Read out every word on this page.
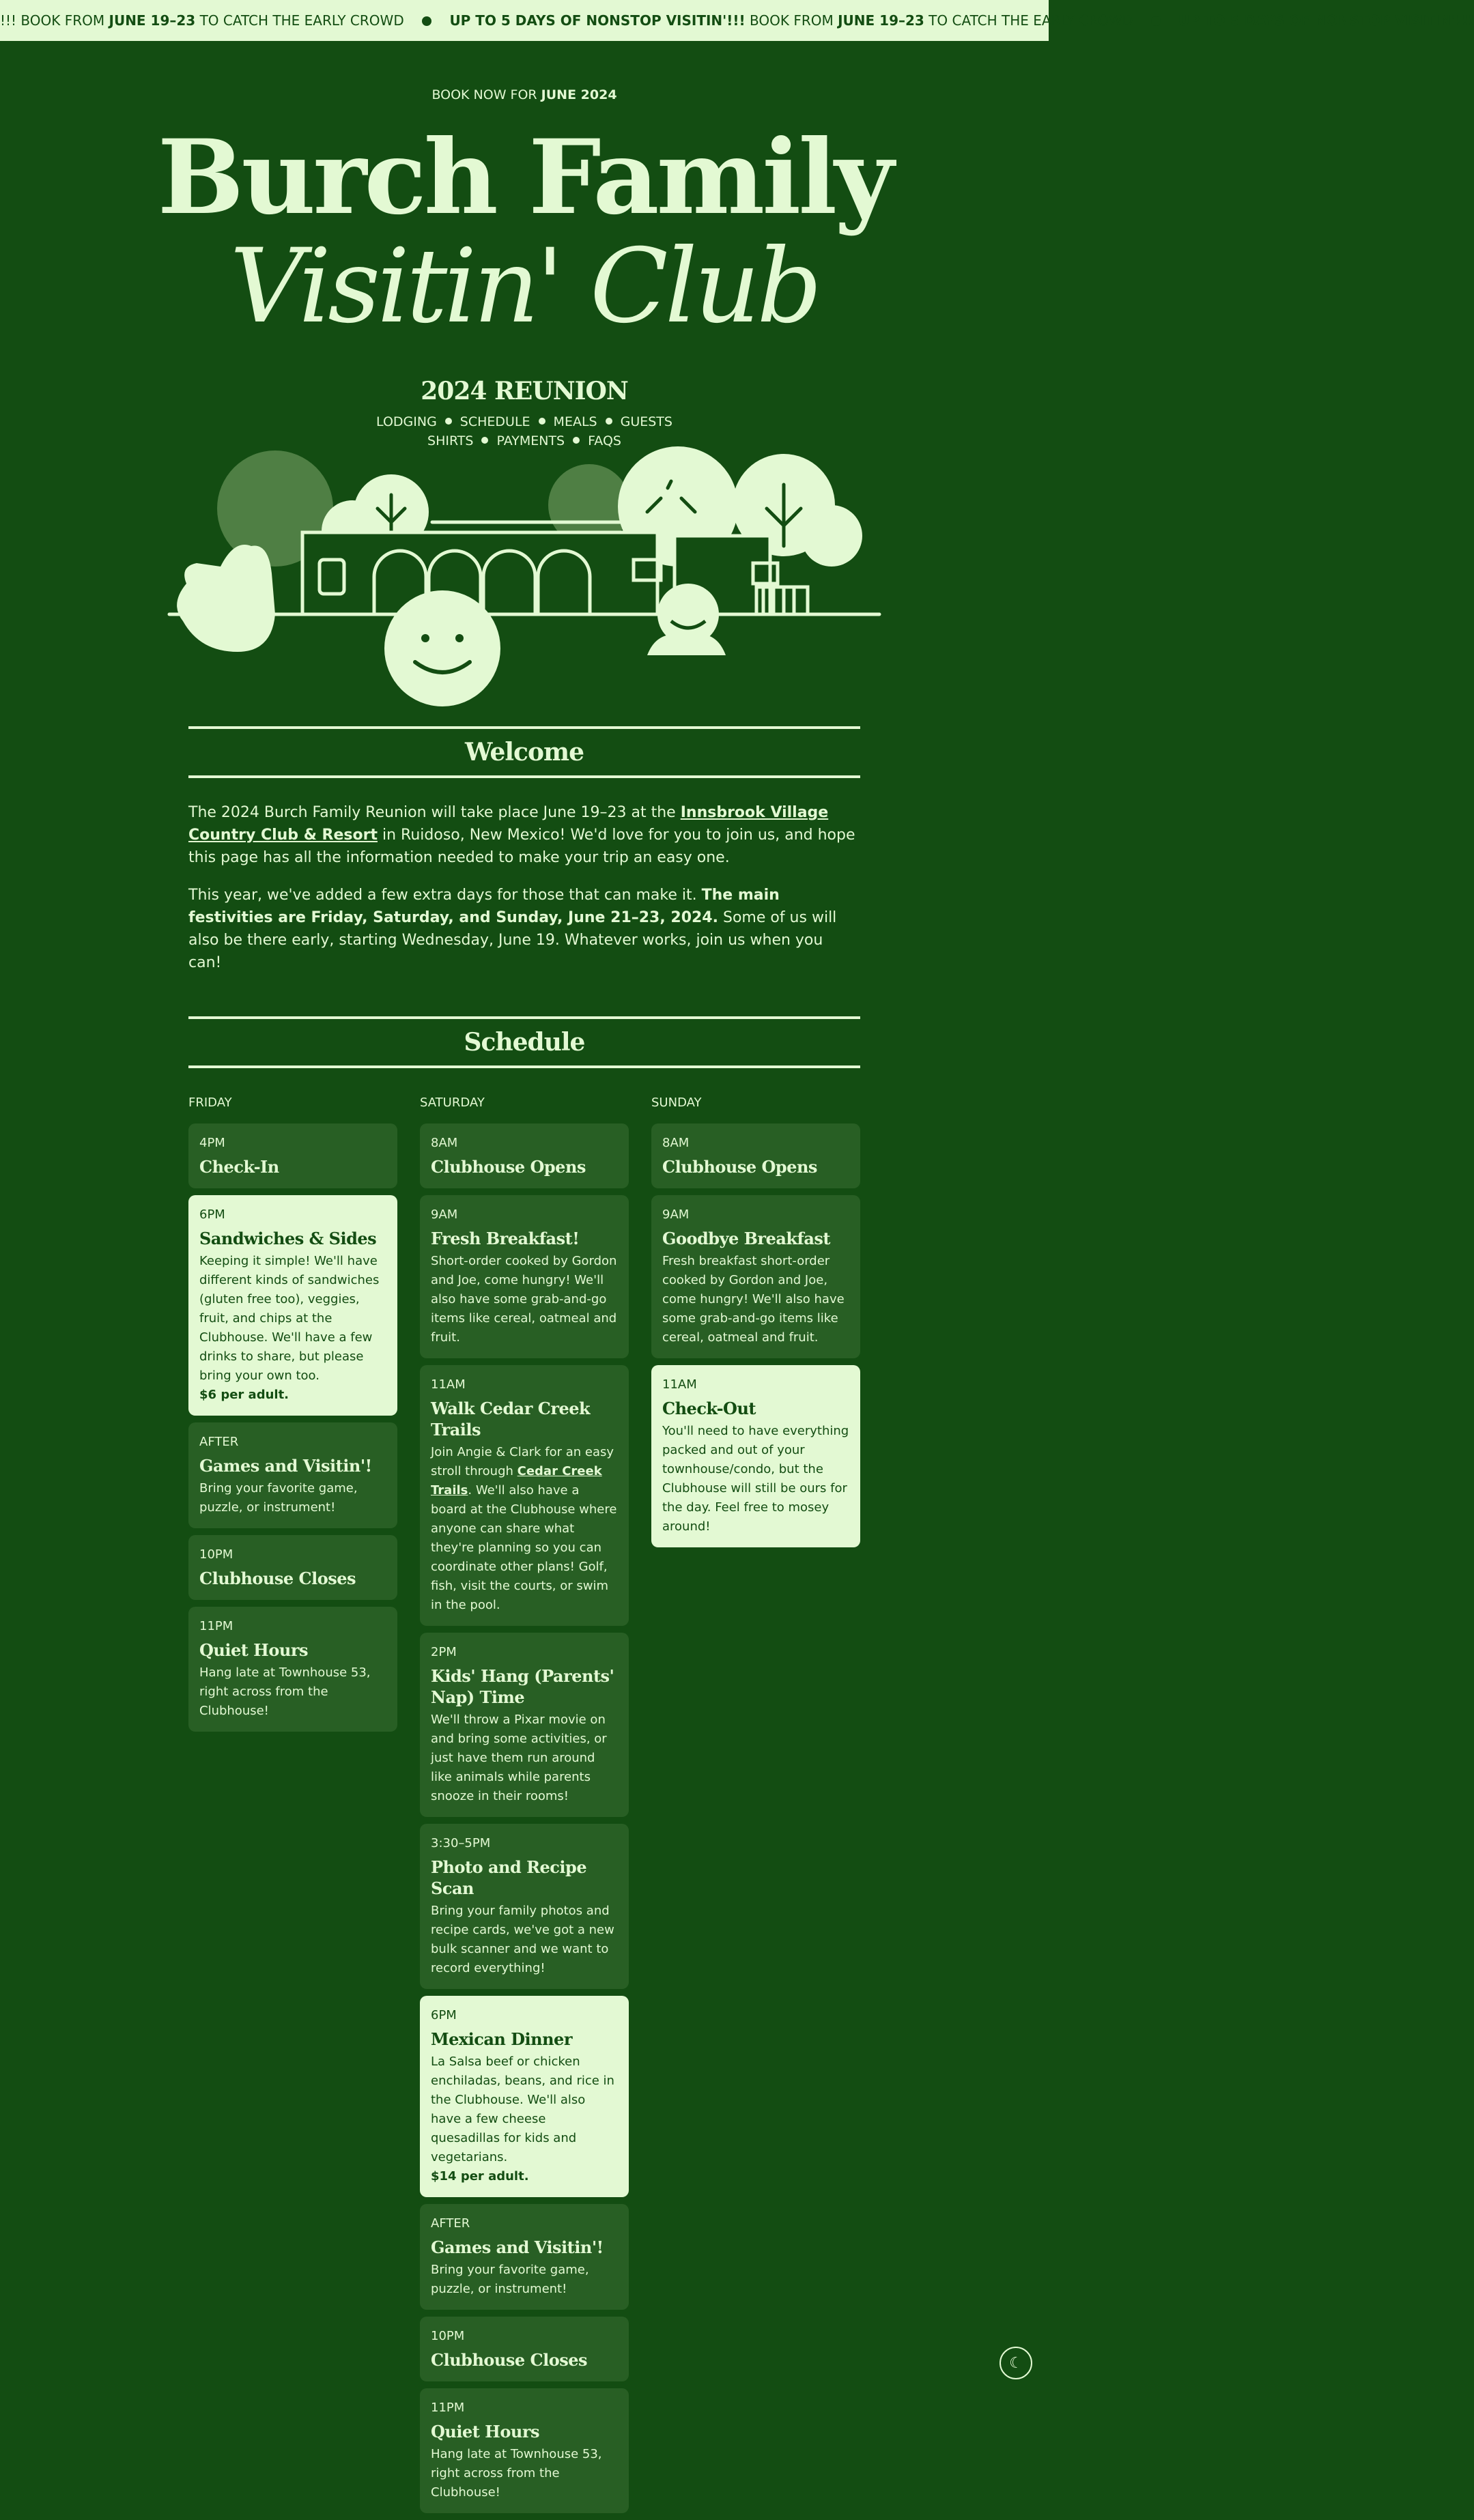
!!! BOOK FROM JUNE 19–23 TO CATCH THE EARLY CROWD	UP TO 5 DAYS OF NONSTOP VISITIN'!!! BOOK FROM JUNE 19–23 TO CATCH THE EARLY CROWD	UP TO 5 DAYS OF NONSTOP VISITIN'!!!
BOOK NOW FOR JUNE 2024
Burch Family
Visitin' Club
2024 REUNION
LODGING SCHEDULE MEALS GUESTS
SHIRTS PAYMENTS FAQS
Welcome

The 2024 Burch Family Reunion will take place June 19–23 at the Innsbrook Village Country Club & Resort in Ruidoso, New Mexico! We'd love for you to join us, and hope this page has all the information needed to make your trip an easy one.

This year, we've added a few extra days for those that can make it. The main festivities are Friday, Saturday, and Sunday, June 21–23, 2024. Some of us will also be there early, starting Wednesday, June 19. Whatever works, join us when you can!

Schedule
FRIDAY
4PM
Check-In
6PM
Sandwiches & Sides
Keeping it simple! We'll have different kinds of sandwiches (gluten free too), veggies, fruit, and chips at the Clubhouse. We'll have a few drinks to share, but please bring your own too.
$6 per adult.
AFTER
Games and Visitin'!
Bring your favorite game, puzzle, or instrument!
10PM
Clubhouse Closes
11PM
Quiet Hours
Hang late at Townhouse 53, right across from the Clubhouse!
SATURDAY
8AM
Clubhouse Opens
9AM
Fresh Breakfast!
Short-order cooked by Gordon and Joe, come hungry! We'll also have some grab-and-go items like cereal, oatmeal and fruit.
11AM
Walk Cedar Creek Trails
Join Angie & Clark for an easy stroll through Cedar Creek Trails. We'll also have a board at the Clubhouse where anyone can share what they're planning so you can coordinate other plans! Golf, fish, visit the courts, or swim in the pool.
2PM
Kids' Hang (Parents' Nap) Time
We'll throw a Pixar movie on and bring some activities, or just have them run around like animals while parents snooze in their rooms!
3:30–5PM
Photo and Recipe Scan
Bring your family photos and recipe cards, we've got a new bulk scanner and we want to record everything!
6PM
Mexican Dinner
La Salsa beef or chicken enchiladas, beans, and rice in the Clubhouse. We'll also have a few cheese quesadillas for kids and vegetarians.
$14 per adult.
AFTER
Games and Visitin'!
Bring your favorite game, puzzle, or instrument!
10PM
Clubhouse Closes
11PM
Quiet Hours
Hang late at Townhouse 53, right across from the Clubhouse!
SUNDAY
8AM
Clubhouse Opens
9AM
Goodbye Breakfast
Fresh breakfast short-order cooked by Gordon and Joe, come hungry! We'll also have some grab-and-go items like cereal, oatmeal and fruit.
11AM
Check-Out
You'll need to have everything packed and out of your townhouse/condo, but the Clubhouse will still be ours for the day. Feel free to mosey around!
☾
